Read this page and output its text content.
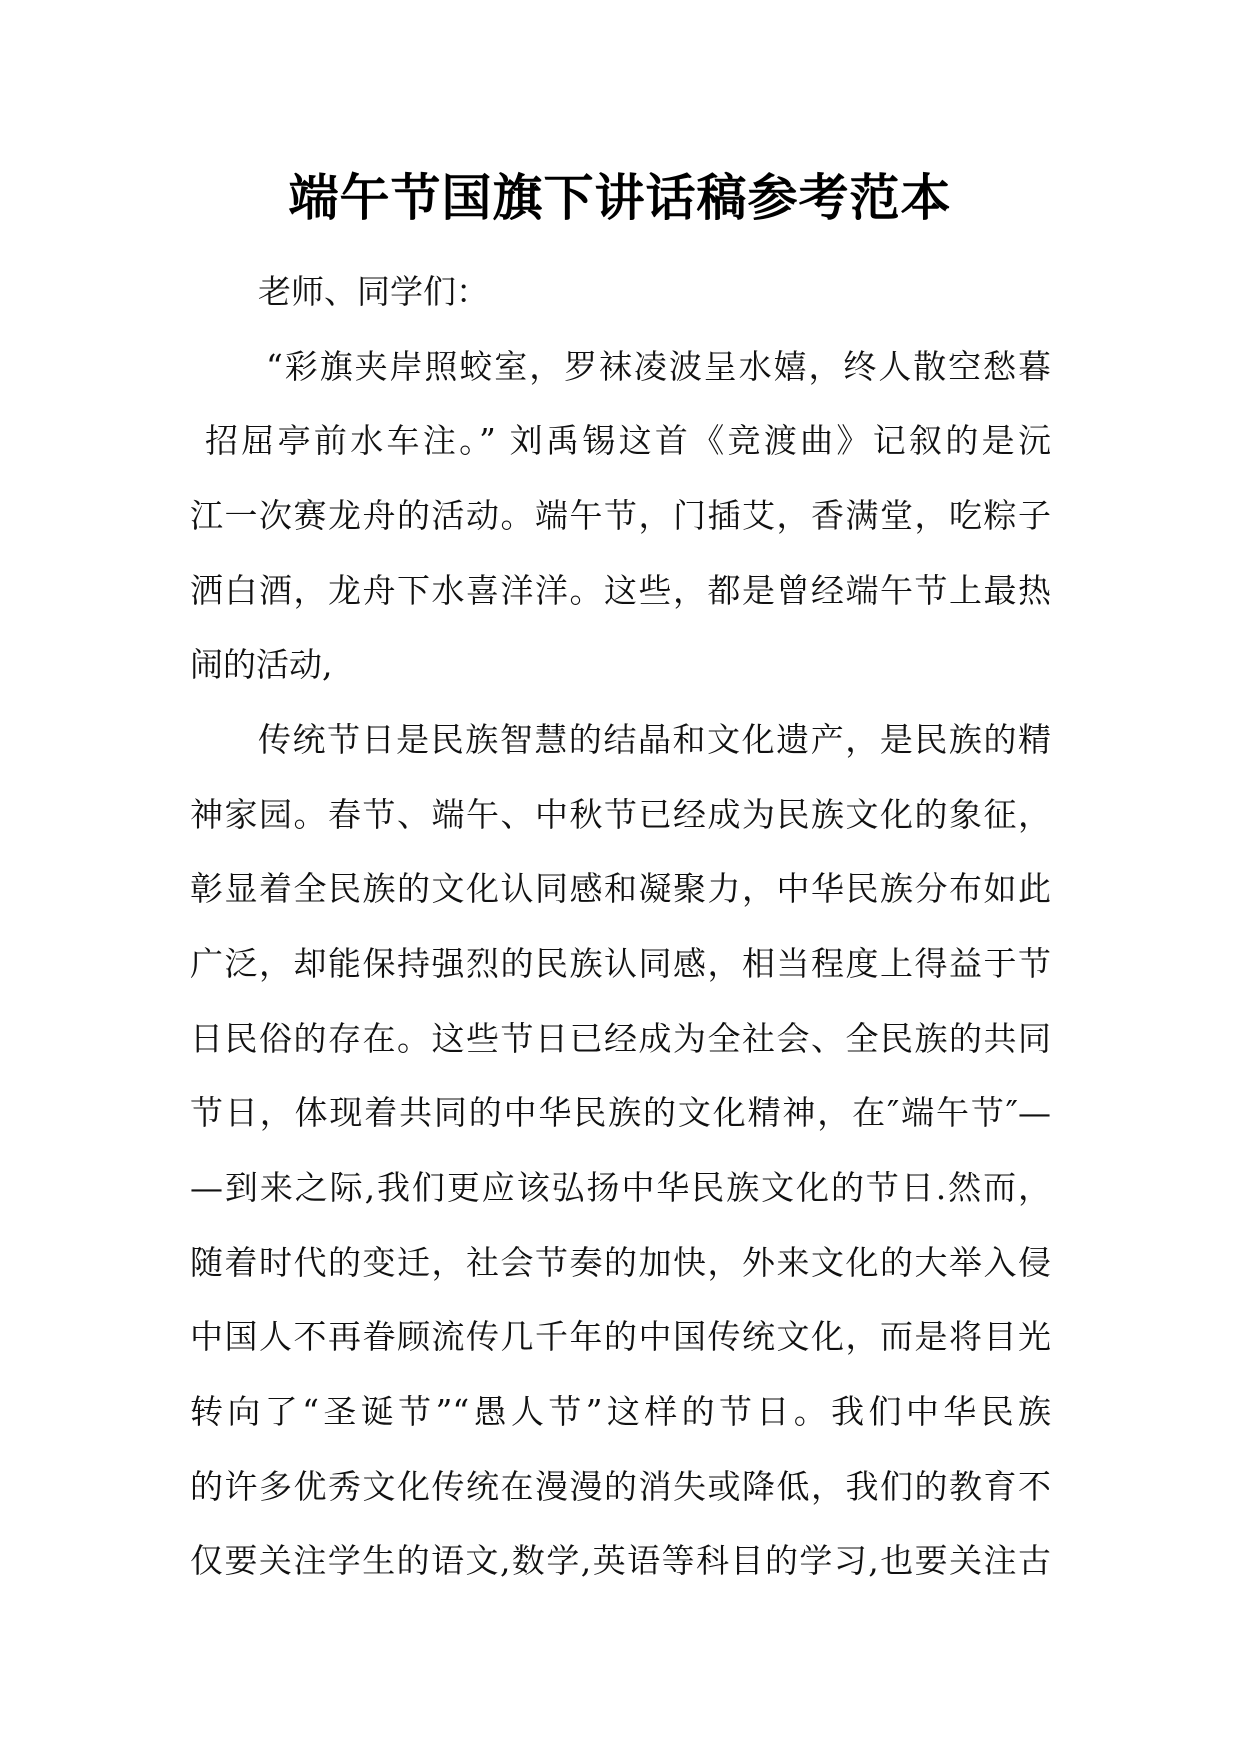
端午节国旗下讲话稿参考范本
老师、同学们：
“彩旗夹岸照蛟室，罗袜凌波呈水嬉，终人散空愁暮
招屈亭前水车注。” 刘禹锡这首《竞渡曲》记叙的是沅
江一次赛龙舟的活动。端午节，门插艾，香满堂，吃粽子
洒白酒，龙舟下水喜洋洋。这些，都是曾经端午节上最热
闹的活动,
传统节日是民族智慧的结晶和文化遗产，是民族的精
神家园。春节、端午、中秋节已经成为民族文化的象征，
彰显着全民族的文化认同感和凝聚力，中华民族分布如此
广泛，却能保持强烈的民族认同感，相当程度上得益于节
日民俗的存在。这些节日已经成为全社会、全民族的共同
节日，体现着共同的中华民族的文化精神，在″端午节″—
—到来之际,我们更应该弘扬中华民族文化的节日.然而，
随着时代的变迁，社会节奏的加快，外来文化的大举入侵
中国人不再眷顾流传几千年的中国传统文化，而是将目光
转向了“圣诞节”“愚人节”这样的节日。我们中华民族
的许多优秀文化传统在漫漫的消失或降低，我们的教育不
仅要关注学生的语文,数学,英语等科目的学习,也要关注古
